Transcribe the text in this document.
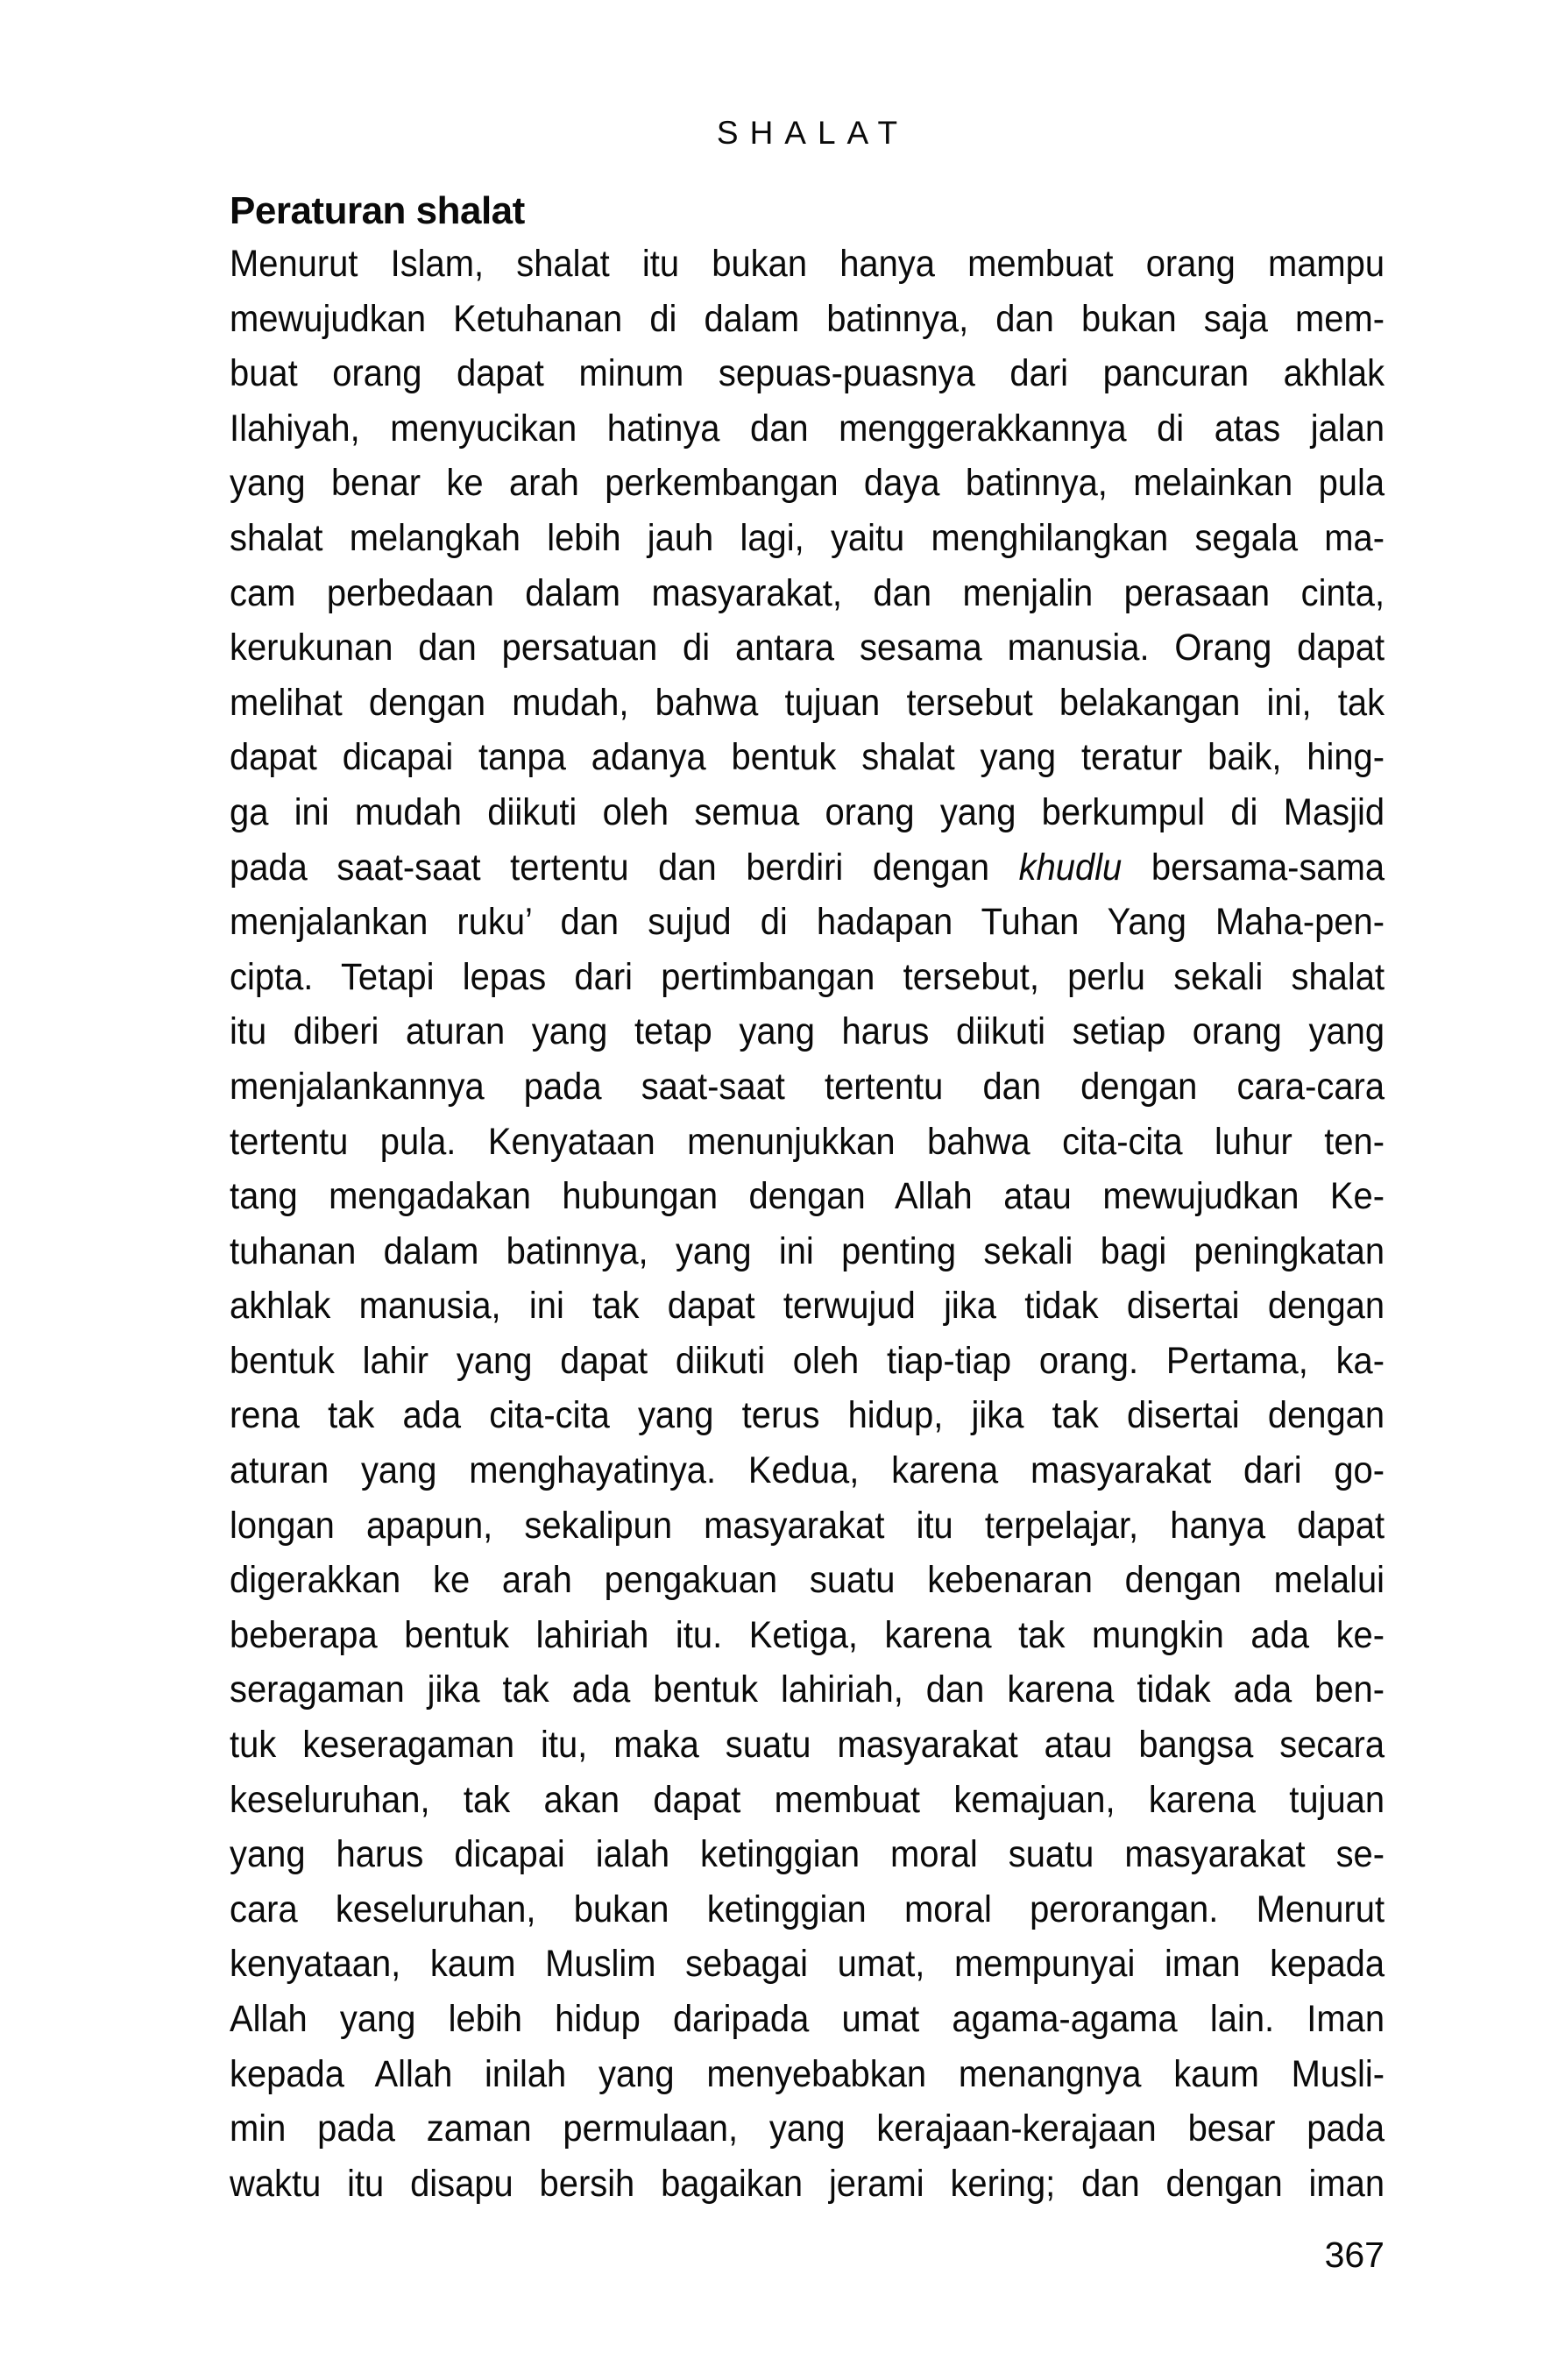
SHALAT
Peraturan shalat
Menurut Islam, shalat itu bukan hanya membuat orang mampu
mewujudkan Ketuhanan di dalam batinnya, dan bukan saja mem-
buat orang dapat minum sepuas-puasnya dari pancuran akhlak
Ilahiyah, menyucikan hatinya dan menggerakkannya di atas jalan
yang benar ke arah perkembangan daya batinnya, melainkan pula
shalat melangkah lebih jauh lagi, yaitu menghilangkan segala ma-
cam perbedaan dalam masyarakat, dan menjalin perasaan cinta,
kerukunan dan persatuan di antara sesama manusia. Orang dapat
melihat dengan mudah, bahwa tujuan tersebut belakangan ini, tak
dapat dicapai tanpa adanya bentuk shalat yang teratur baik, hing-
ga ini mudah diikuti oleh semua orang yang berkumpul di Masjid
pada saat-saat tertentu dan berdiri dengan khudlu bersama-sama
menjalankan ruku’ dan sujud di hadapan Tuhan Yang Maha-pen-
cipta. Tetapi lepas dari pertimbangan tersebut, perlu sekali shalat
itu diberi aturan yang tetap yang harus diikuti setiap orang yang
menjalankannya pada saat-saat tertentu dan dengan cara-cara
tertentu pula. Kenyataan menunjukkan bahwa cita-cita luhur ten-
tang mengadakan hubungan dengan Allah atau mewujudkan Ke-
tuhanan dalam batinnya, yang ini penting sekali bagi peningkatan
akhlak manusia, ini tak dapat terwujud jika tidak disertai dengan
bentuk lahir yang dapat diikuti oleh tiap-tiap orang. Pertama, ka-
rena tak ada cita-cita yang terus hidup, jika tak disertai dengan
aturan yang menghayatinya. Kedua, karena masyarakat dari go-
longan apapun, sekalipun masyarakat itu terpelajar, hanya dapat
digerakkan ke arah pengakuan suatu kebenaran dengan melalui
beberapa bentuk lahiriah itu. Ketiga, karena tak mungkin ada ke-
seragaman jika tak ada bentuk lahiriah, dan karena tidak ada ben-
tuk keseragaman itu, maka suatu masyarakat atau bangsa secara
keseluruhan, tak akan dapat membuat kemajuan, karena tujuan
yang harus dicapai ialah ketinggian moral suatu masyarakat se-
cara keseluruhan, bukan ketinggian moral perorangan. Menurut
kenyataan, kaum Muslim sebagai umat, mempunyai iman kepada
Allah yang lebih hidup daripada umat agama-agama lain. Iman
kepada Allah inilah yang menyebabkan menangnya kaum Musli-
min pada zaman permulaan, yang kerajaan-kerajaan besar pada
waktu itu disapu bersih bagaikan jerami kering; dan dengan iman
367
